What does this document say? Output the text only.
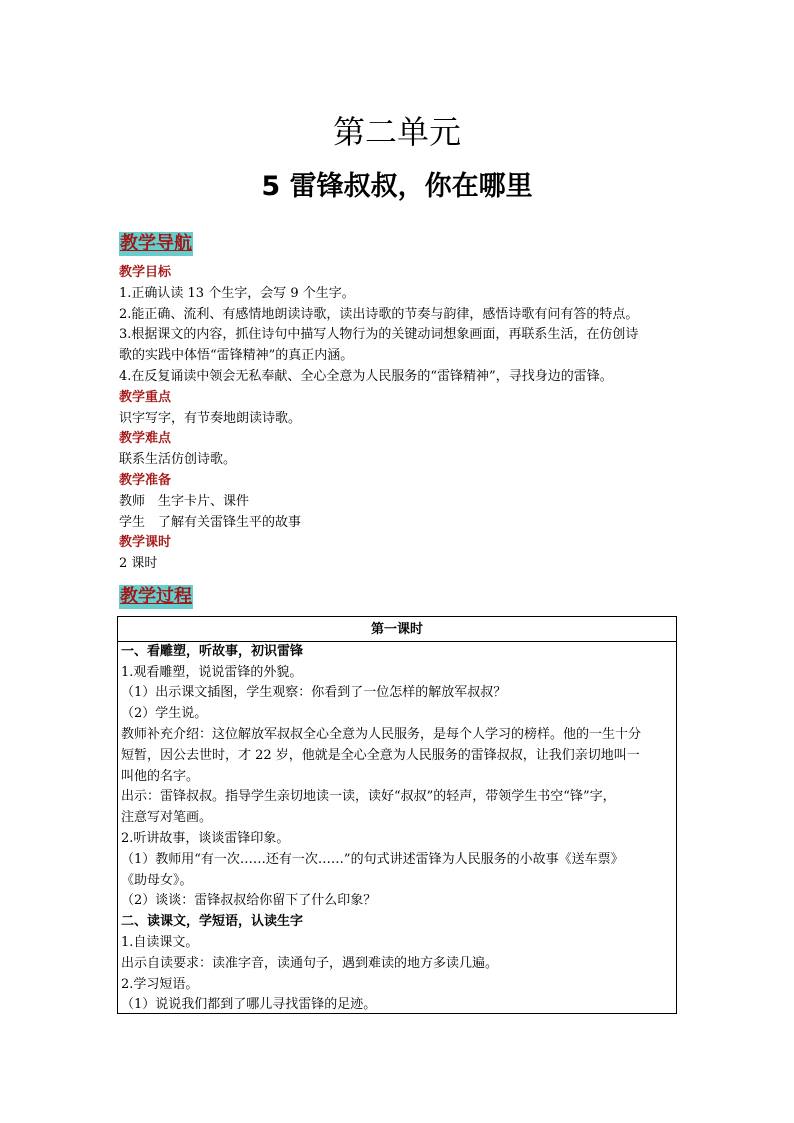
第二单元
5 雷锋叔叔，你在哪里
教学导航
教学目标
1.正确认读 13 个生字，会写 9 个生字。
2.能正确、流利、有感情地朗读诗歌，读出诗歌的节奏与韵律，感悟诗歌有问有答的特点。
3.根据课文的内容，抓住诗句中描写人物行为的关键动词想象画面，再联系生活，在仿创诗
歌的实践中体悟“雷锋精神”的真正内涵。
4.在反复诵读中领会无私奉献、全心全意为人民服务的“雷锋精神”，寻找身边的雷锋。
教学重点
识字写字，有节奏地朗读诗歌。
教学难点
联系生活仿创诗歌。
教学准备
教师　生字卡片、课件
学生　了解有关雷锋生平的故事
教学课时
2 课时
教学过程
第一课时
一、看雕塑，听故事，初识雷锋
1.观看雕塑，说说雷锋的外貌。
（1）出示课文插图，学生观察：你看到了一位怎样的解放军叔叔？
（2）学生说。
教师补充介绍：这位解放军叔叔全心全意为人民服务，是每个人学习的榜样。他的一生十分
短暂，因公去世时，才 22 岁，他就是全心全意为人民服务的雷锋叔叔，让我们亲切地叫一
叫他的名字。
出示：雷锋叔叔。指导学生亲切地读一读，读好“叔叔”的轻声，带领学生书空“锋”字，
注意写对笔画。
2.听讲故事，谈谈雷锋印象。
（1）教师用“有一次……还有一次……”的句式讲述雷锋为人民服务的小故事《送车票》
《助母女》。
（2）谈谈：雷锋叔叔给你留下了什么印象？
二、读课文，学短语，认读生字
1.自读课文。
出示自读要求：读准字音，读通句子，遇到难读的地方多读几遍。
2.学习短语。
（1）说说我们都到了哪儿寻找雷锋的足迹。
